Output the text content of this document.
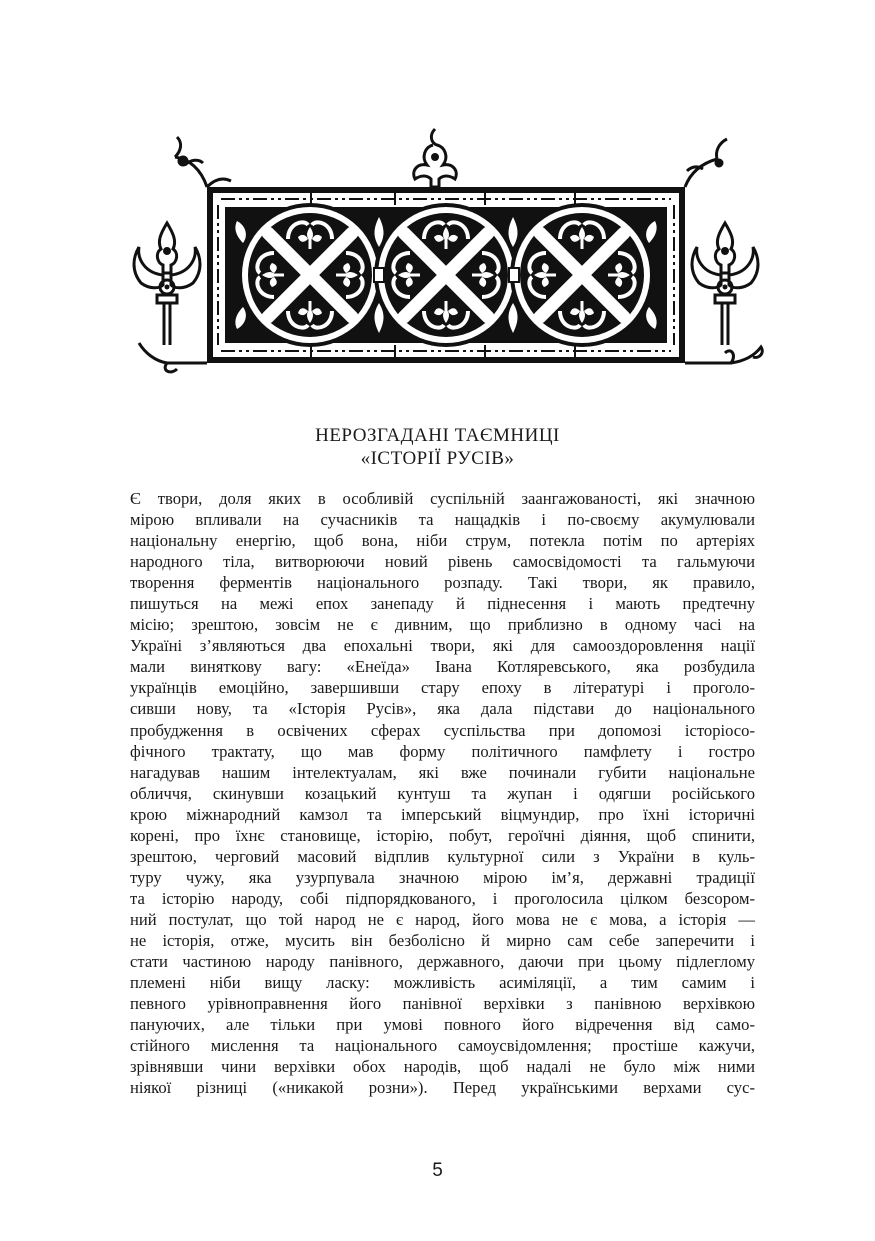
НЕРОЗГАДАНІ ТАЄМНИЦІ
«ІСТОРІЇ РУСІВ»
Є твори, доля яких в особливій суспільній заангажованості, які значною
мірою впливали на сучасників та нащадків і по-своєму акумулювали
національну енергію, щоб вона, ніби струм, потекла потім по артеріях
народного тіла, витворюючи новий рівень самосвідомості та гальмуючи
творення ферментів національного розпаду. Такі твори, як правило,
пишуться на межі епох занепаду й піднесення і мають предтечну
місію; зрештою, зовсім не є дивним, що приблизно в одному часі на
Україні з’являються два епохальні твори, які для самооздоровлення нації
мали виняткову вагу: «Енеїда» Івана Котляревського, яка розбудила
українців емоційно, завершивши стару епоху в літературі і проголо-
сивши нову, та «Історія Русів», яка дала підстави до національного
пробудження в освічених сферах суспільства при допомозі історіосо-
фічного трактату, що мав форму політичного памфлету і гостро
нагадував нашим інтелектуалам, які вже починали губити національне
обличчя, скинувши козацький кунтуш та жупан і одягши російського
крою міжнародний камзол та імперський віцмундир, про їхні історичні
корені, про їхнє становище, історію, побут, героїчні діяння, щоб спинити,
зрештою, черговий масовий відплив культурної сили з України в куль-
туру чужу, яка узурпувала значною мірою ім’я, державні традиції
та історію народу, собі підпорядкованого, і проголосила цілком безсором-
ний постулат, що той народ не є народ, його мова не є мова, а історія —
не історія, отже, мусить він безболісно й мирно сам себе заперечити і
стати частиною народу панівного, державного, даючи при цьому підлеглому
племені ніби вищу ласку: можливість асиміляції, а тим самим і
певного урівноправнення його панівної верхівки з панівною верхівкою
пануючих, але тільки при умові повного його відречення від само-
стійного мислення та національного самоусвідомлення; простіше кажучи,
зрівнявши чини верхівки обох народів, щоб надалі не було між ними
ніякої різниці («никакой розни»). Перед українськими верхами сус-
5
